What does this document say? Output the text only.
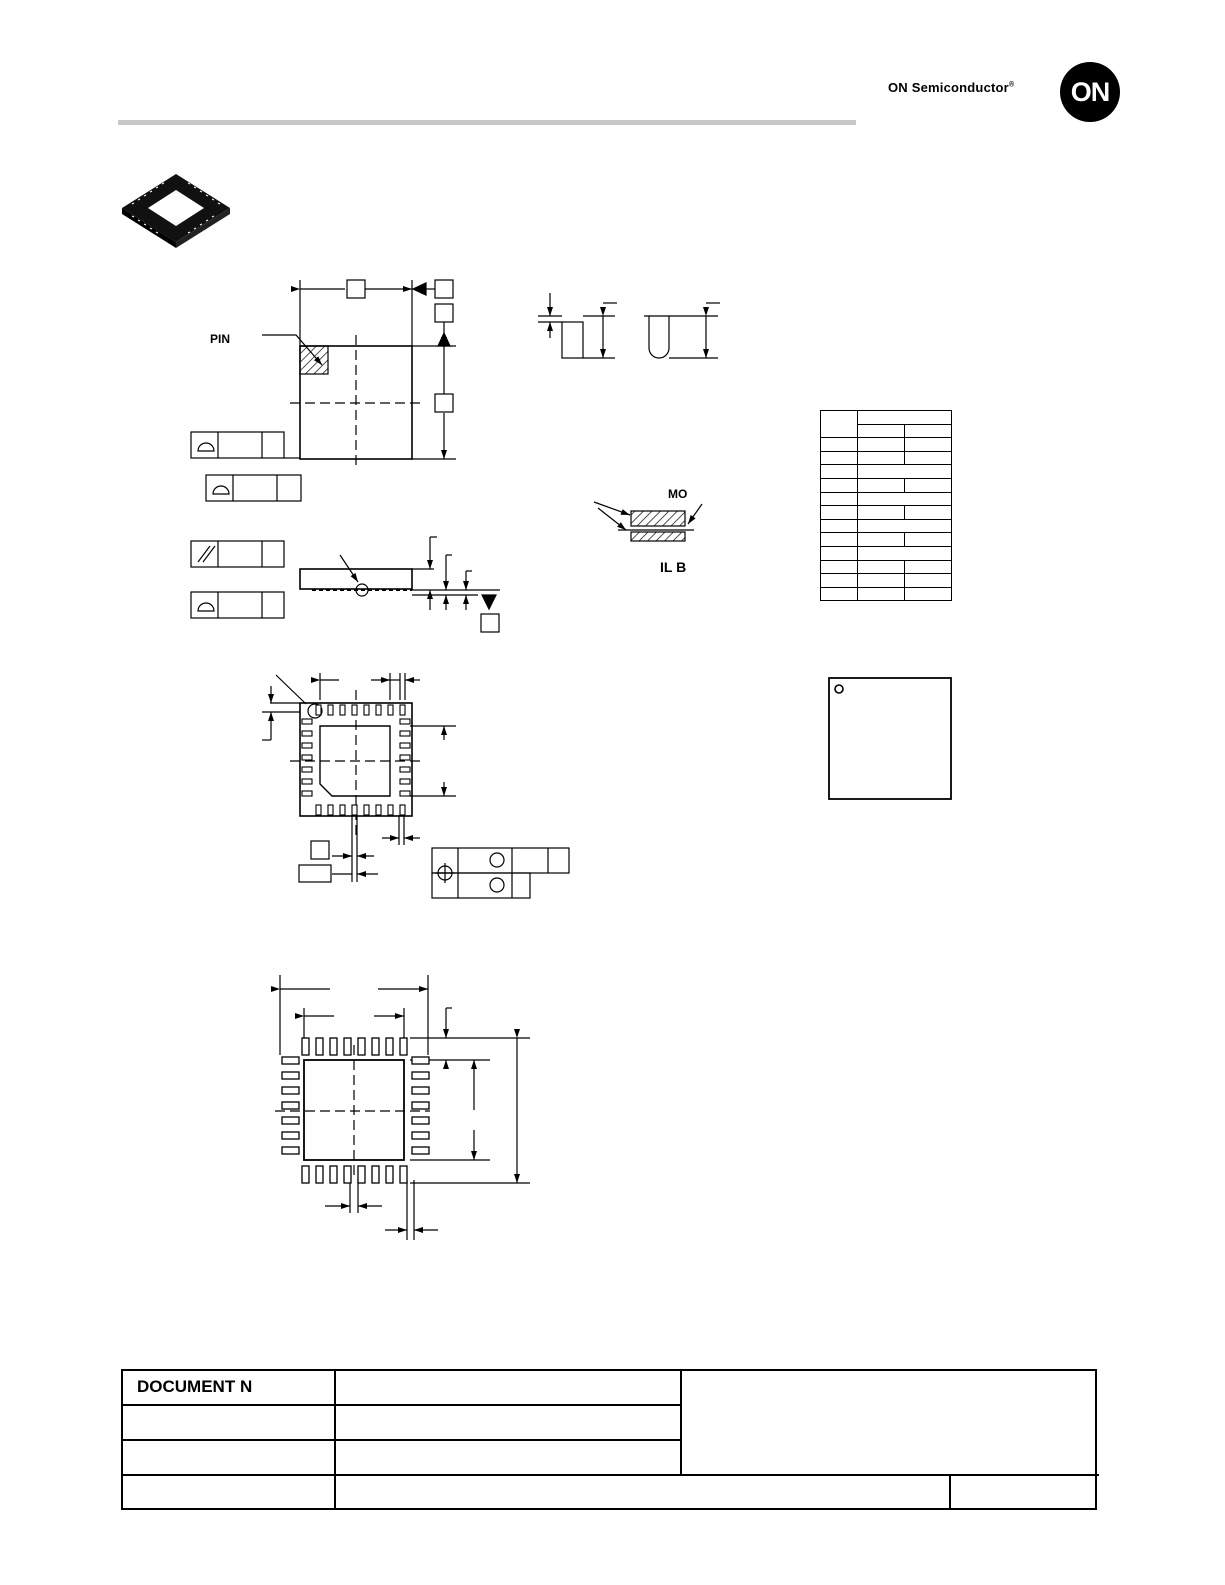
ON Semiconductor®	ON
PIN
MO
IL B

DOCUMENT N
